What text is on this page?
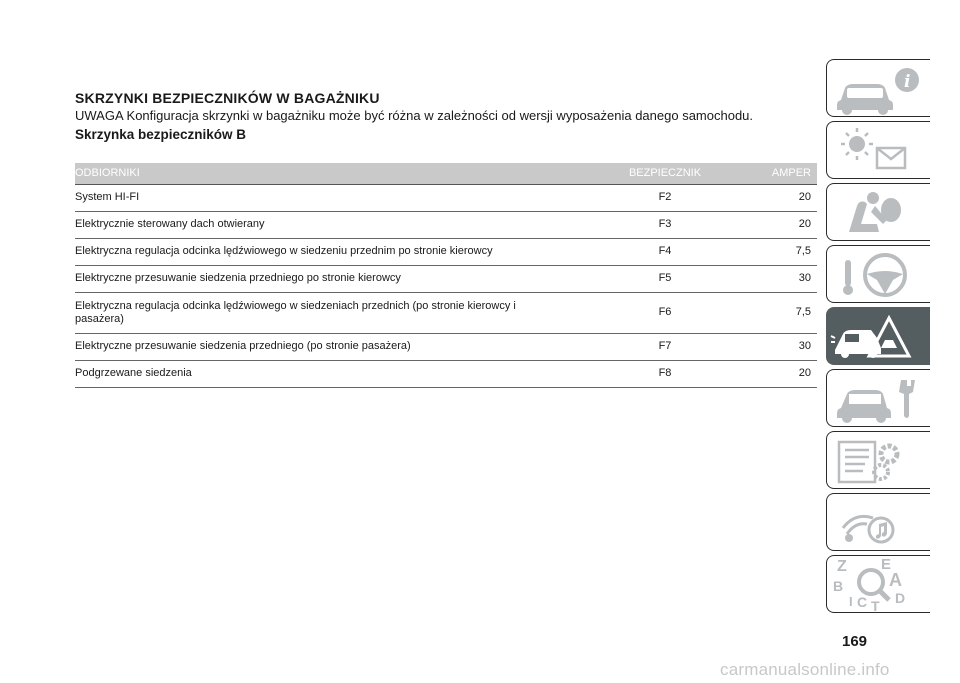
SKRZYNKI BEZPIECZNIKÓW W BAGAŻNIKU
UWAGA Konfiguracja skrzynki w bagażniku może być różna w zależności od wersji wyposażenia danego samochodu.
Skrzynka bezpieczników B
ODBIORNIKI	BEZPIECZNIK	AMPER
System HI-FI	F2	20
Elektrycznie sterowany dach otwierany	F3	20
Elektryczna regulacja odcinka lędźwiowego w siedzeniu przednim po stronie kierowcy	F4	7,5
Elektryczne przesuwanie siedzenia przedniego po stronie kierowcy	F5	30
Elektryczna regulacja odcinka lędźwiowego w siedzeniach przednich (po stronie kierowcy i pasażera)	F6	7,5
Elektryczne przesuwanie siedzenia przedniego (po stronie pasażera)	F7	30
Podgrzewane siedzenia	F8	20
169
carmanualsonline.info
i
Z E
B	A
C D
T
I
